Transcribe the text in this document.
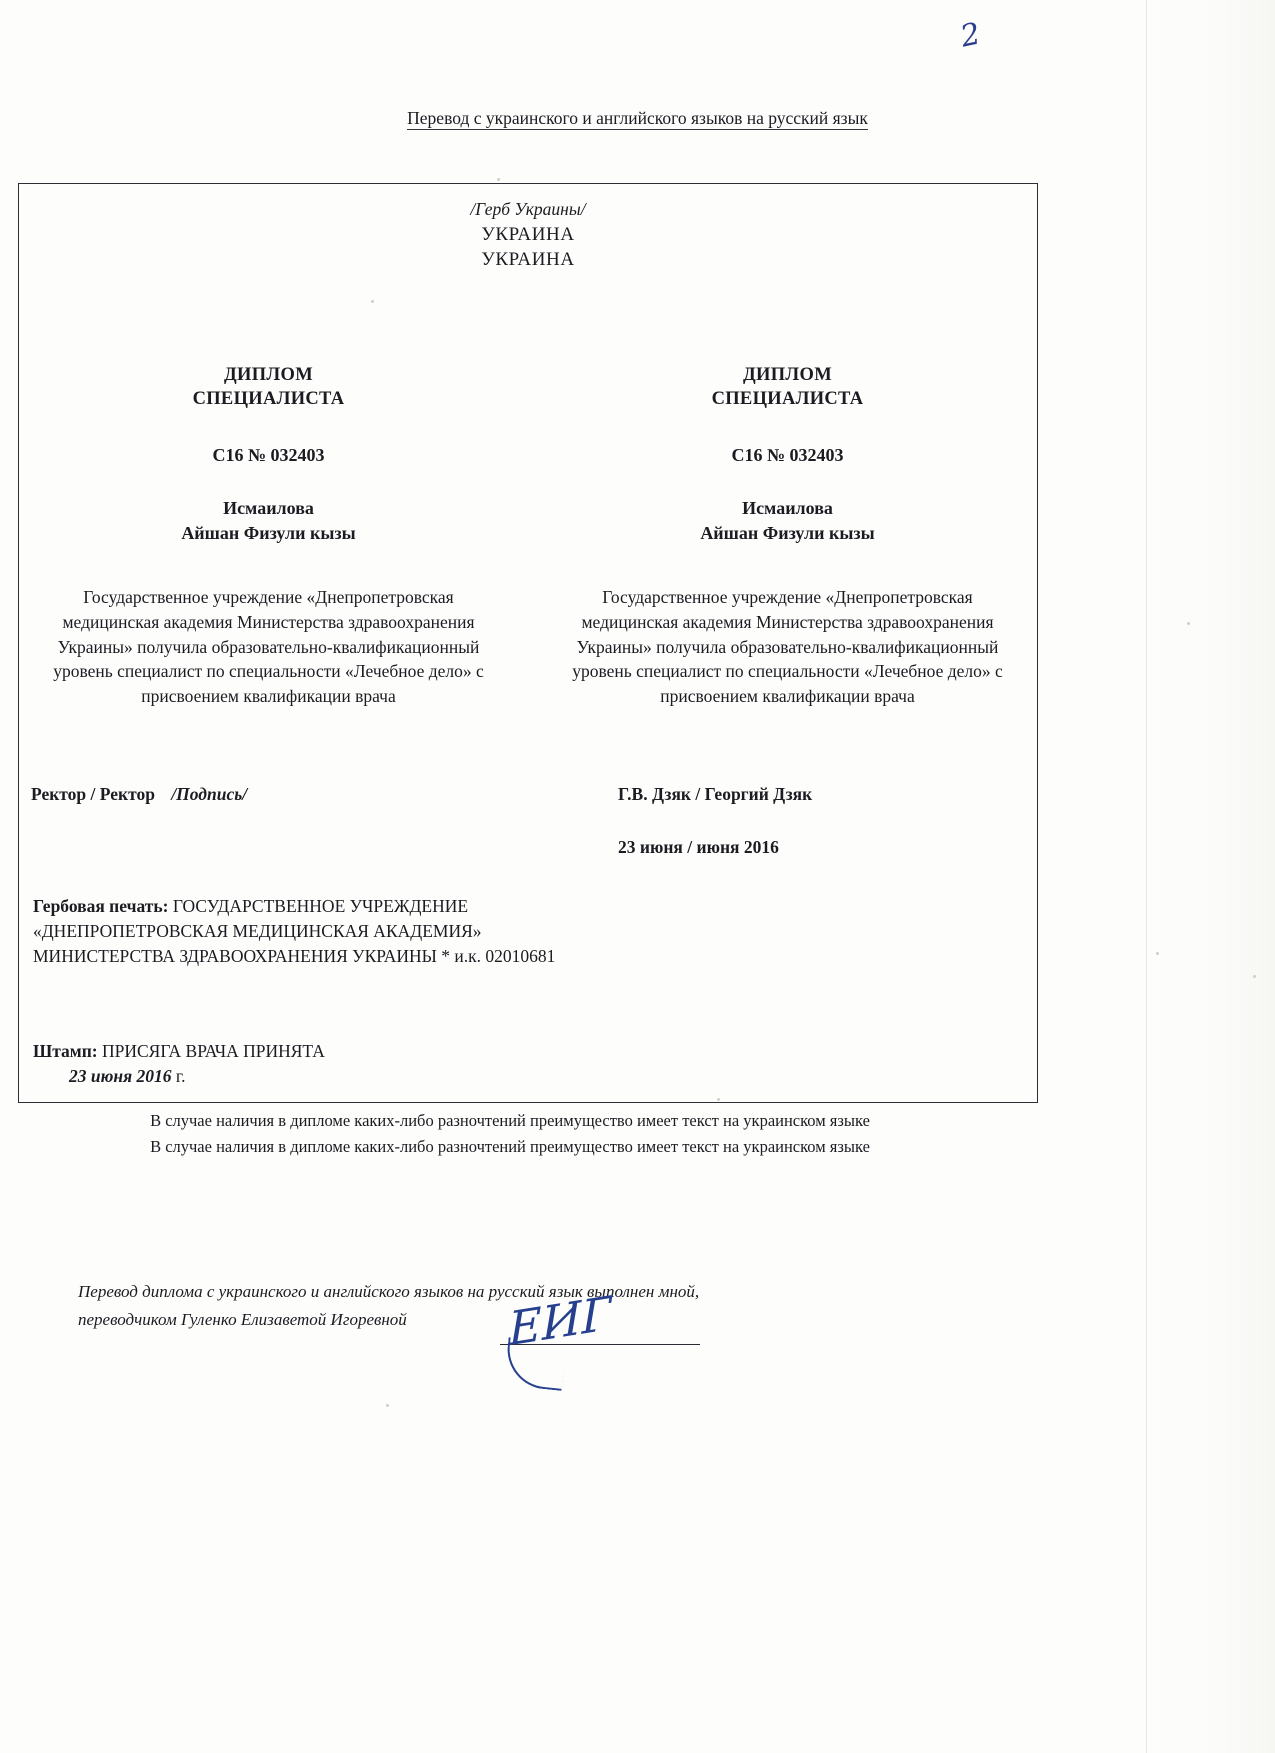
2
Перевод с украинского и английского языков на русский язык
/Герб Украины/
УКРАИНА
УКРАИНА
ДИПЛОМ
СПЕЦИАЛИСТА
С16 № 032403
Исмаилова
Айшан Физули кызы
Государственное учреждение «Днепропетровская медицинская академия Министерства здравоохранения Украины» получила образовательно-квалификационный уровень специалист по специальности «Лечебное дело» с присвоением квалификации врача
ДИПЛОМ
СПЕЦИАЛИСТА
С16 № 032403
Исмаилова
Айшан Физули кызы
Государственное учреждение «Днепропетровская медицинская академия Министерства здравоохранения Украины» получила образовательно-квалификационный уровень специалист по специальности «Лечебное дело» с присвоением квалификации врача
Ректор / Ректор /Подпись/	Г.В. Дзяк / Георгий Дзяк
23 июня / июня 2016
Гербовая печать: ГОСУДАРСТВЕННОЕ УЧРЕЖДЕНИЕ «ДНЕПРОПЕТРОВСКАЯ МЕДИЦИНСКАЯ АКАДЕМИЯ» МИНИСТЕРСТВА ЗДРАВООХРАНЕНИЯ УКРАИНЫ * и.к. 02010681
Штамп: ПРИСЯГА ВРАЧА ПРИНЯТА
23 июня 2016 г.
В случае наличия в дипломе каких-либо разночтений преимущество имеет текст на украинском языке
В случае наличия в дипломе каких-либо разночтений преимущество имеет текст на украинском языке
Перевод диплома с украинского и английского языков на русский язык выполнен мной,
переводчиком Гуленко Елизаветой Игоревной	ЕИГ
